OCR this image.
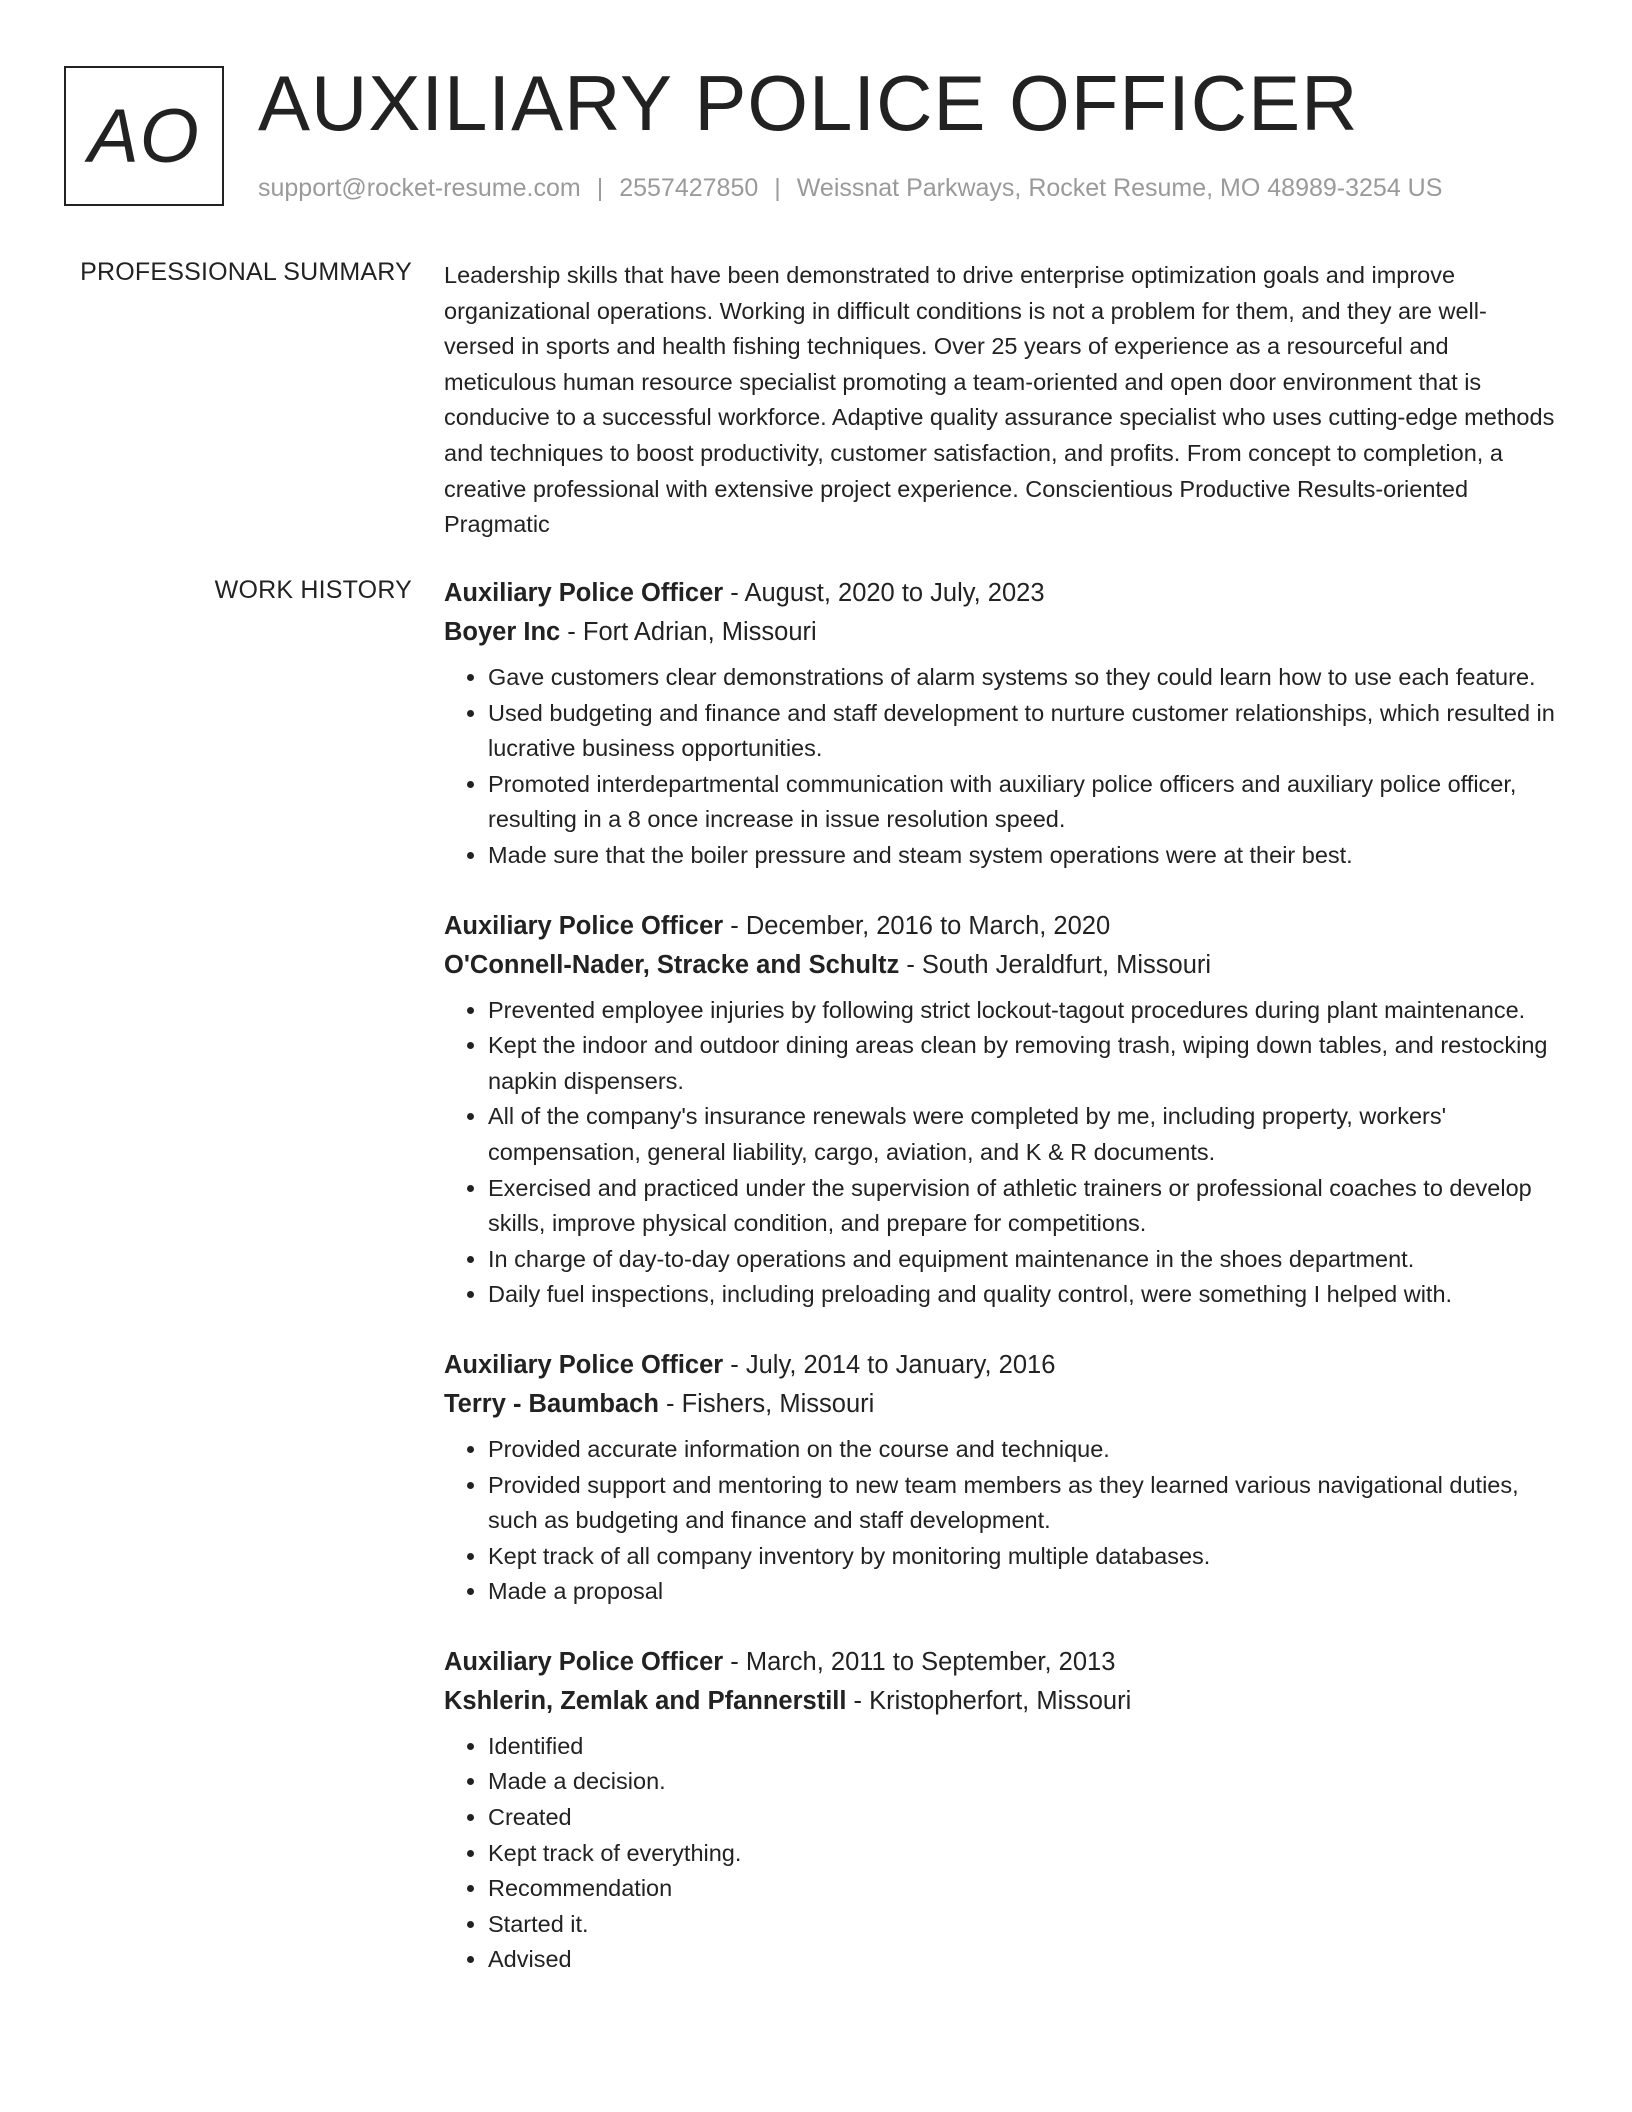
AO AUXILIARY POLICE OFFICER
support@rocket-resume.com | 2557427850 | Weissnat Parkways, Rocket Resume, MO 48989-3254 US
PROFESSIONAL SUMMARY Leadership skills that have been demonstrated to drive enterprise optimization goals and improve organizational operations. Working in difficult conditions is not a problem for them, and they are well-versed in sports and health fishing techniques. Over 25 years of experience as a resourceful and meticulous human resource specialist promoting a team-oriented and open door environment that is conducive to a successful workforce. Adaptive quality assurance specialist who uses cutting-edge methods and techniques to boost productivity, customer satisfaction, and profits. From concept to completion, a creative professional with extensive project experience. Conscientious Productive Results-oriented Pragmatic

WORK HISTORY Auxiliary Police Officer - August, 2020 to July, 2023
Boyer Inc - Fort Adrian, Missouri
• Gave customers clear demonstrations of alarm systems so they could learn how to use each feature.
• Used budgeting and finance and staff development to nurture customer relationships, which resulted in lucrative business opportunities.
• Promoted interdepartmental communication with auxiliary police officers and auxiliary police officer, resulting in a 8 once increase in issue resolution speed.
• Made sure that the boiler pressure and steam system operations were at their best.
Auxiliary Police Officer - December, 2016 to March, 2020
O'Connell-Nader, Stracke and Schultz - South Jeraldfurt, Missouri
• Prevented employee injuries by following strict lockout-tagout procedures during plant maintenance.
• Kept the indoor and outdoor dining areas clean by removing trash, wiping down tables, and restocking napkin dispensers.
• All of the company's insurance renewals were completed by me, including property, workers' compensation, general liability, cargo, aviation, and K & R documents.
• Exercised and practiced under the supervision of athletic trainers or professional coaches to develop skills, improve physical condition, and prepare for competitions.
• In charge of day-to-day operations and equipment maintenance in the shoes department.
• Daily fuel inspections, including preloading and quality control, were something I helped with.
Auxiliary Police Officer - July, 2014 to January, 2016
Terry - Baumbach - Fishers, Missouri
• Provided accurate information on the course and technique.
• Provided support and mentoring to new team members as they learned various navigational duties, such as budgeting and finance and staff development.
• Kept track of all company inventory by monitoring multiple databases.
• Made a proposal
Auxiliary Police Officer - March, 2011 to September, 2013
Kshlerin, Zemlak and Pfannerstill - Kristopherfort, Missouri
• Identified
• Made a decision.
• Created
• Kept track of everything.
• Recommendation
• Started it.
• Advised
